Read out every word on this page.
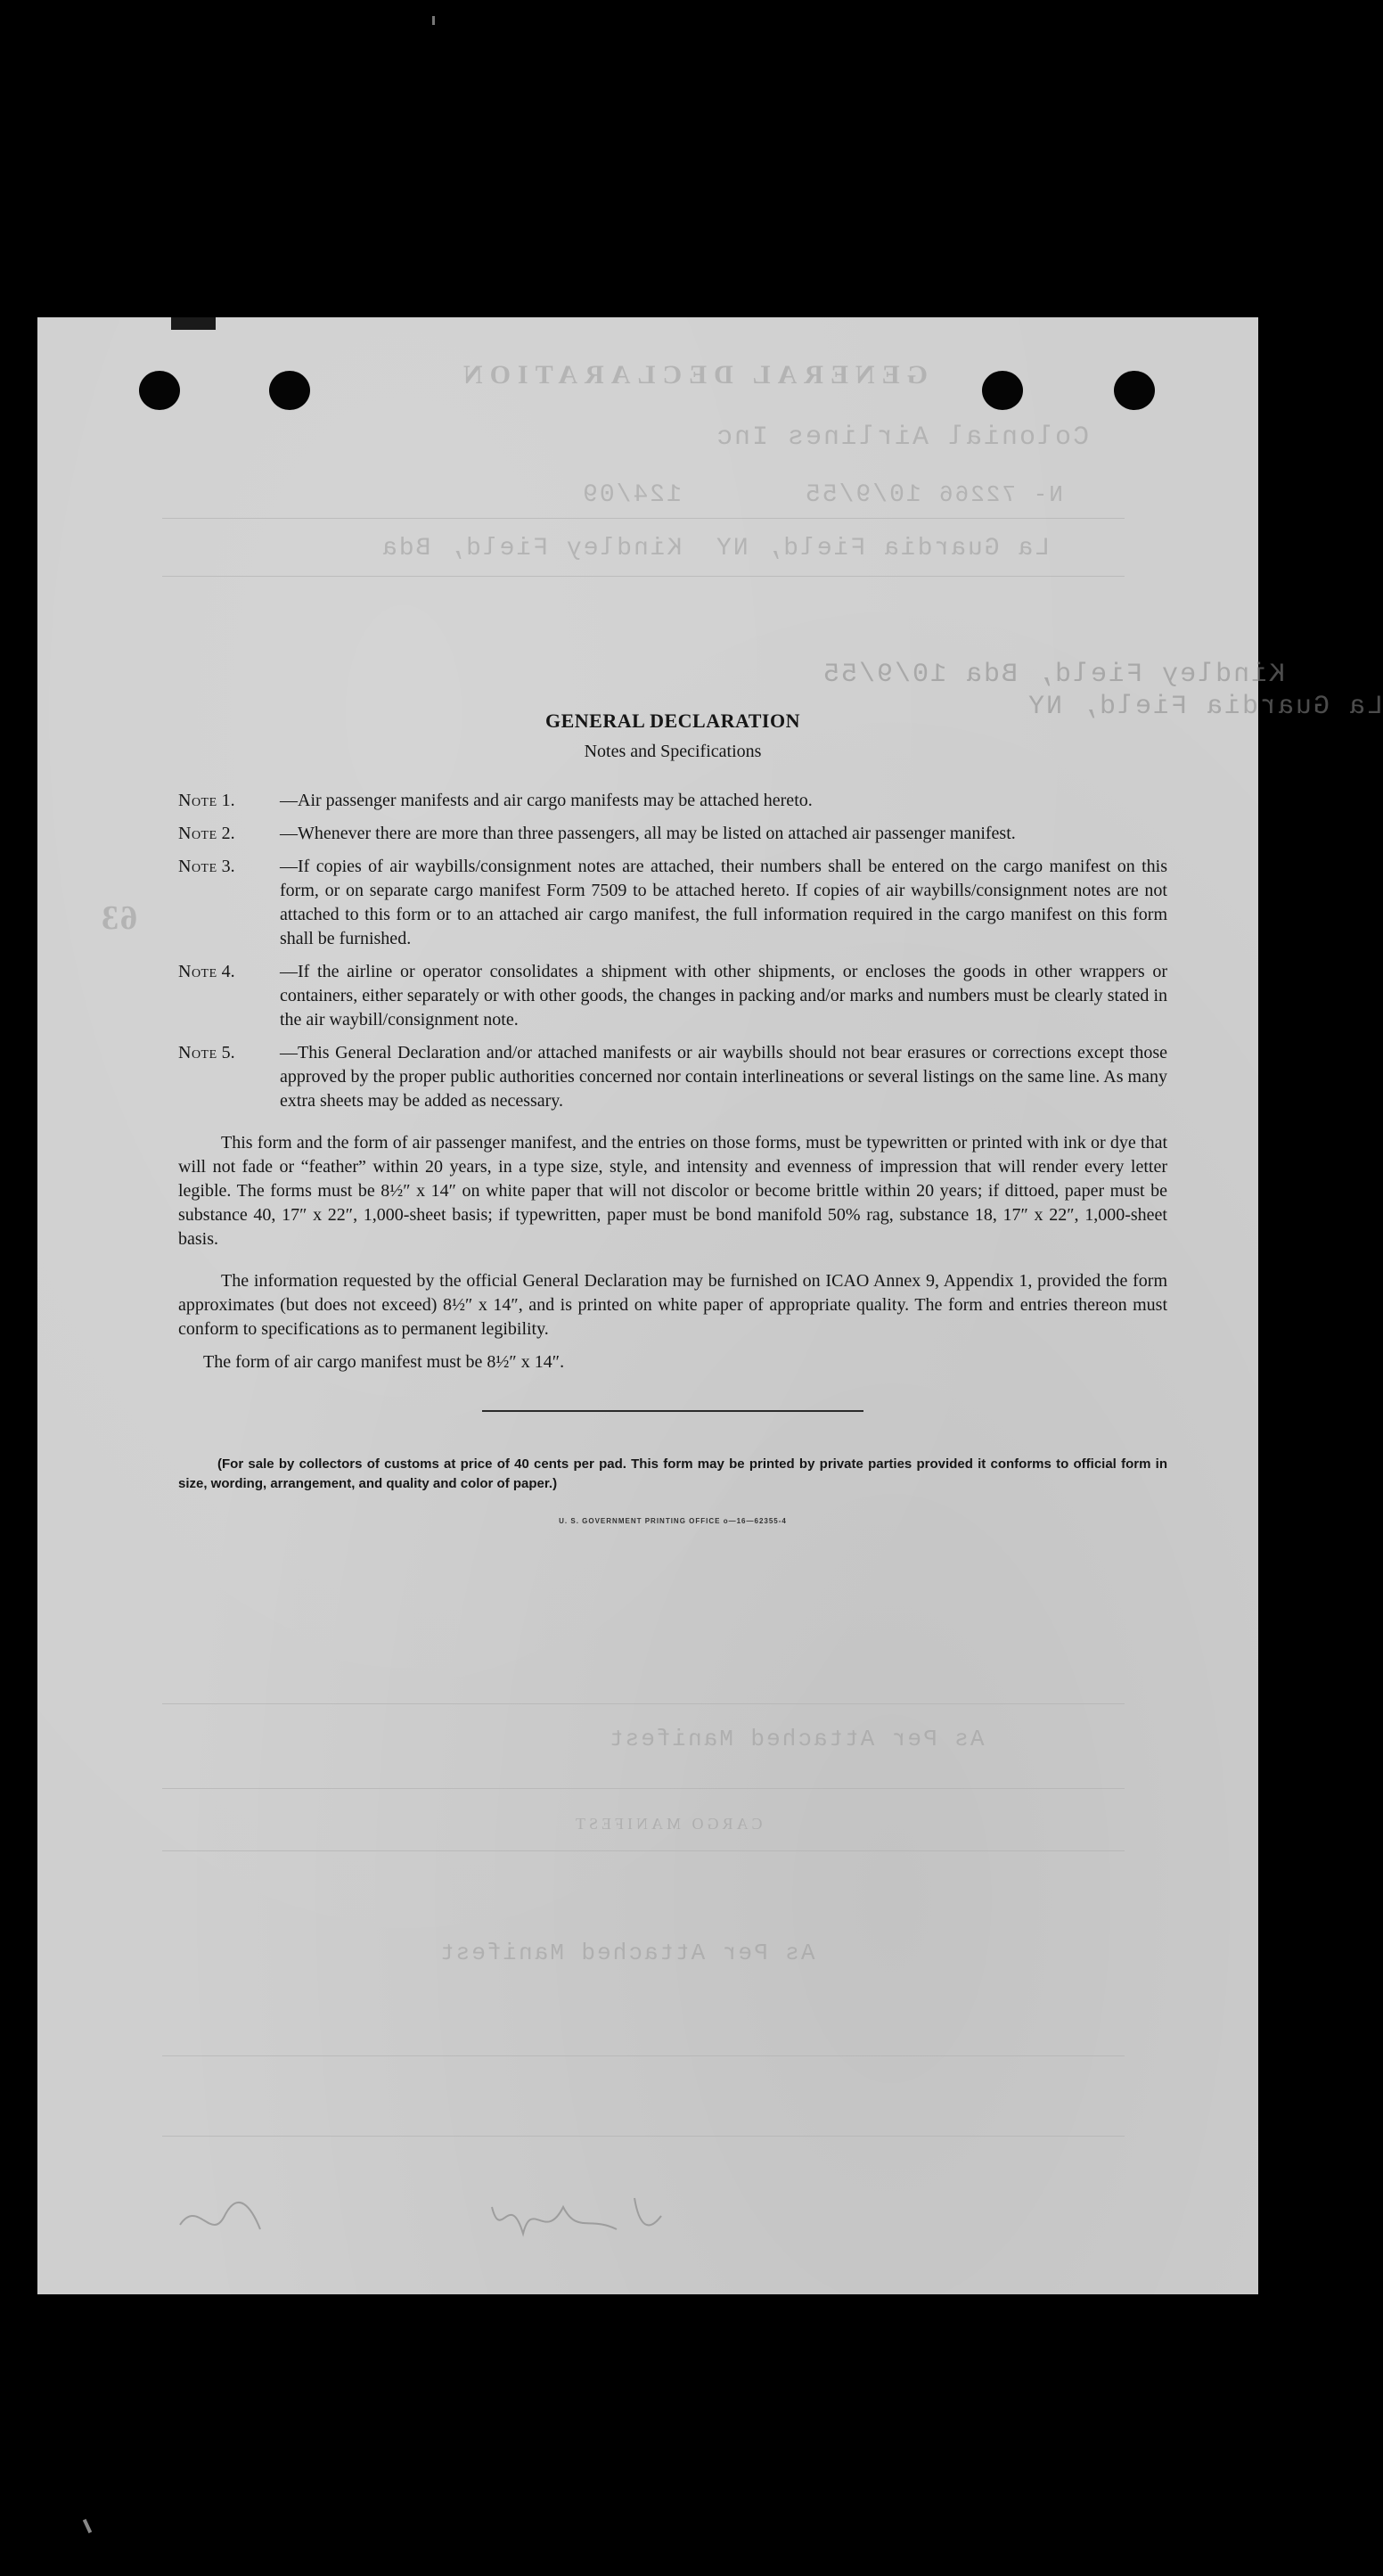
GENERAL DECLARATION
Colonial Airlines Inc
N- 72266
124/09	10/9/55
Kindley Field, Bda La Guardia Field, NY
Kindley Field, Bda 10/9/55
La Guardia Field, NY
63
As Per Attached Manifest
CARGO MANIFEST
As Per Attached Manifest
GENERAL DECLARATION
Notes and Specifications
Note 1.	—Air passenger manifests and air cargo manifests may be attached hereto.
Note 2.	—Whenever there are more than three passengers, all may be listed on attached air passenger manifest.
Note 3.	—If copies of air waybills/consignment notes are attached, their numbers shall be entered on the cargo manifest on this form, or on separate cargo manifest Form 7509 to be attached hereto. If copies of air waybills/consignment notes are not attached to this form or to an attached air cargo manifest, the full information required in the cargo manifest on this form shall be furnished.
Note 4.	—If the airline or operator consolidates a shipment with other shipments, or encloses the goods in other wrappers or containers, either separately or with other goods, the changes in packing and/or marks and numbers must be clearly stated in the air waybill/consignment note.
Note 5.	—This General Declaration and/or attached manifests or air waybills should not bear erasures or corrections except those approved by the proper public authorities concerned nor contain interlineations or several listings on the same line. As many extra sheets may be added as necessary.

This form and the form of air passenger manifest, and the entries on those forms, must be typewritten or printed with ink or dye that will not fade or “feather” within 20 years, in a type size, style, and intensity and evenness of impression that will render every letter legible. The forms must be 8½″ x 14″ on white paper that will not discolor or become brittle within 20 years; if dittoed, paper must be substance 40, 17″ x 22″, 1,000-sheet basis; if typewritten, paper must be bond manifold 50% rag, substance 18, 17″ x 22″, 1,000-sheet basis.

The information requested by the official General Declaration may be furnished on ICAO Annex 9, Appendix 1, provided the form approximates (but does not exceed) 8½″ x 14″, and is printed on white paper of appropriate quality. The form and entries thereon must conform to specifications as to permanent legibility.

The form of air cargo manifest must be 8½″ x 14″.

(For sale by collectors of customs at price of 40 cents per pad. This form may be printed by private parties provided it conforms to official form in size, wording, arrangement, and quality and color of paper.)

U. S. GOVERNMENT PRINTING OFFICE o—16—62355-4
